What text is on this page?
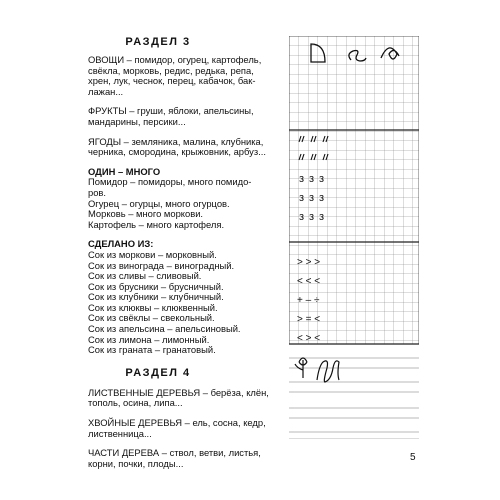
РАЗДЕЛ 3
ОВОЩИ – помидор, огурец, картофель,
свёкла, морковь, редис, редька, репа,
хрен, лук, чеснок, перец, кабачок, бак-
лажан...
ФРУКТЫ – груши, яблоки, апельсины,
мандарины, персики...
ЯГОДЫ – земляника, малина, клубника,
черника, смородина, крыжовник, арбуз...
ОДИН – МНОГО
Помидор – помидоры, много помидо-
ров.
Огурец – огурцы, много огурцов.
Морковь – много моркови.
Картофель – много картофеля.
СДЕЛАНО ИЗ:
Сок из моркови – морковный.
Сок из винограда – виноградный.
Сок из сливы – сливовый.
Сок из брусники – брусничный.
Сок из клубники – клубничный.
Сок из клюквы – клюквенный.
Сок из свёклы – свекольный.
Сок из апельсина – апельсиновый.
Сок из лимона – лимонный.
Сок из граната – гранатовый.
РАЗДЕЛ 4
ЛИСТВЕННЫЕ ДЕРЕВЬЯ – берёза, клён,
тополь, осина, липа...
ХВОЙНЫЕ ДЕРЕВЬЯ – ель, сосна, кедр,
лиственница...
ЧАСТИ ДЕРЕВА – ствол, ветви, листья,
корни, почки, плоды...
з з з
з з з
з з з
> > >
< < <
+ – ÷
> = <
< > <
5
